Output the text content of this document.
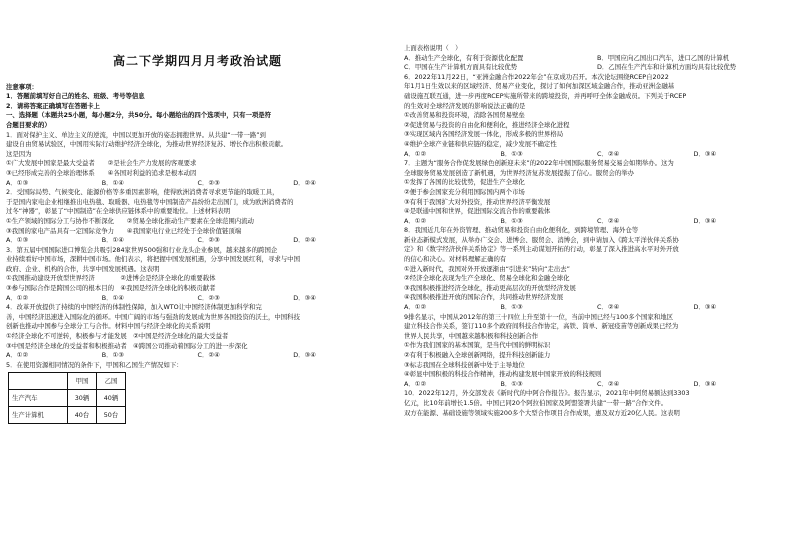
高二下学期四月月考政治试题
注意事项：
1．答题前填写好自己的姓名、班级、考号等信息
2．请将答案正确填写在答题卡上
一、选择题（本题共25小题，每小题2分，共50分。每小题给出的四个选项中，只有一项是符
合题目要求的）
1．面对保护主义、单边主义的逆流，中国以更加开放的姿态拥抱世界。从共建“一带一路”到
建设自由贸易试验区，中国用实际行动维护经济全球化，为推动世界经济复苏、增长作出积极贡献。
这是因为
①广大发展中国家是最大受益者　　②是社会生产力发展的客观要求
③已经形成完善的全球治理体系　　④各国对利益的追求是根本动因
A．①③	B．①④	C．②③	D．②④
2．受国际局势、气候变化、能源价格等多重因素影响，使得欧洲消费者寻求更节能的取暖工具，
于是国内家电企业相继推出电热毯、取暖器、电热毯等中国制造产品纷纷走出国门，成为欧洲消费者的
过冬“神器”，彰显了“中国制造”在全球供应链体系中的重要地位。上述材料表明
①生产领域的国际分工与协作不断深化　　②贸易全球化推动生产要素在全球范围内流动
③我国的家电产品具有一定国际竞争力　　④我国家电行业已经处于全球价值链顶端
A．①③	B．①④	C．②③	D．②④
3．第五届中国国际进口博览会共吸引284家世界500强和行业龙头企业参展，越来越多的跨国企
业持续看好中国市场，深耕中国市场。他们表示，将把握中国发展机遇，分享中国发展红利，寻求与中国
政府、企业、机构的合作，共享中国发展机遇。这表明
①我国推动建设开放型世界经济　　　　②进博会是经济全球化的重要载体
③参与国际合作是跨国公司的根本目的　④我国是经济全球化的积极贡献者
A．①②	B．①④	C．②③	D．③④
4．改革开放提供了持续的中国经济的体制性保障，加入WTO让中国经济体制更加科学和完
善，中国经济迅速进入国际化的循环。中国广阔的市场与强劲的发展成为世界各国投资的沃土，中国科技
创新也推动中国参与全球分工与合作。材料中国与经济全球化的关系说明
①经济全球化不可逆转，积极参与才能发展　②中国是经济全球化的最大受益者
③中国是经济全球化的受益者和积极推动者　④跨国公司推动着国际分工的进一步深化
A．①②	B．①③	C．②④	D．③④
5．在使用资源相同情况的条件下，甲国和乙国生产情况如下：
	甲国	乙国
生产汽车	30辆	40辆
生产计算机	40台	50台
上面表格说明（　）
A．推动生产全球化，有利于资源优化配置	B．甲国应向乙国出口汽车，进口乙国的计算机
C．甲国在生产计算机方面具有比较优势	D．乙国在生产汽车和计算机方面均具有比较优势
6．2022年11月22日，“亚洲金融合作2022年会”在京成功召开。本次论坛围绕RCEP自2022
年1月1日生效以来的区域经济、贸易产业变化，探讨了如何加深区域金融合作，推动亚洲金融基
础设施互联互通，进一步再度RCEP实施所带来的跨境投资，并再呼吁全体金融成员。下列关于RCEP
的生效对全球经济发展的影响说法正确的是
①改善贸易和投资环境，消除各国贸易壁垒
②促进贸易与投资的自由化和便利化，推进经济全球化进程
③实现区域内各国经济发展一体化，形成多极的世界格局
④维护全球产业链和供应链的稳定，减少发展不确定性
A．①②	B．①③	C．②④	D．③④
7．主题为“服务合作促发展绿色创新迎未来”的2022年中国国际服务贸易交易会如期举办。这为
全球服务贸易发展创造了新机遇，为世界经济复苏发展提振了信心。服贸会的举办
①发挥了各国的比较优势，促进生产全球化
②便于参会国家充分利用国际国内两个市场
③有利于我国扩大对外投资，推动世界经济平衡发展
④是联通中国和世界，促进国际交流合作的重要载体
A．①②	B．①③	C．②④	D．③④
8．我国近几年在外资管理、推动贸易和投资自由化便利化，到跨境管理、海外仓等
新业态新模式发展，从举办广交会、进博会、服贸会、消博会，到申请加入《跨太平洋伙伴关系协
定》和《数字经济伙伴关系协定》等一系列主动谋划开拓的行动，彰显了深入推进高水平对外开放
的信心和决心。对材料理解正确的有
①进入新时代，我国对外开放逐渐由“引进来”转向“走出去”
②经济全球化表现为生产全球化、贸易全球化和金融全球化
③我国积极推进经济全球化，推动更高层次的开放型经济发展
④我国积极推进开放的国际合作，共同推动世界经济发展
A．①②	B．①③	C．②④	D．③④
9排名显示，中国从2012年的第三十四位上升至第十一位，当前中国已经与100多个国家和地区
建立科技合作关系，签订110多个政府间科技合作协定，高铁、筒单、新冠疫苗等创新成果已经为
世界人民共享，中国越来越积极和科技创新合作
①作为我们国家的基本国策，是当代中国的鲜明标识
②有利于积极融入全球创新网络，提升科技创新能力
③标志我国在全球科技创新中处于主导地位
④彰显中国积极的科技合作精神，推动构建发展中国家开放的科技规则
A．①②	B．①③	C．②④	D．③④
10．2022年12月，外交部发表《新时代的中阿合作报告》。报告显示，2021年中阿贸易额达到3303
亿元，比10年前增长1.5倍。中国已同20个阿拉伯国家及阿盟签署共建“一带一路”合作文件。
双方在能源、基础设施等领域实施200多个大型合作项目合作成果，惠及双方近20亿人民。这表明
